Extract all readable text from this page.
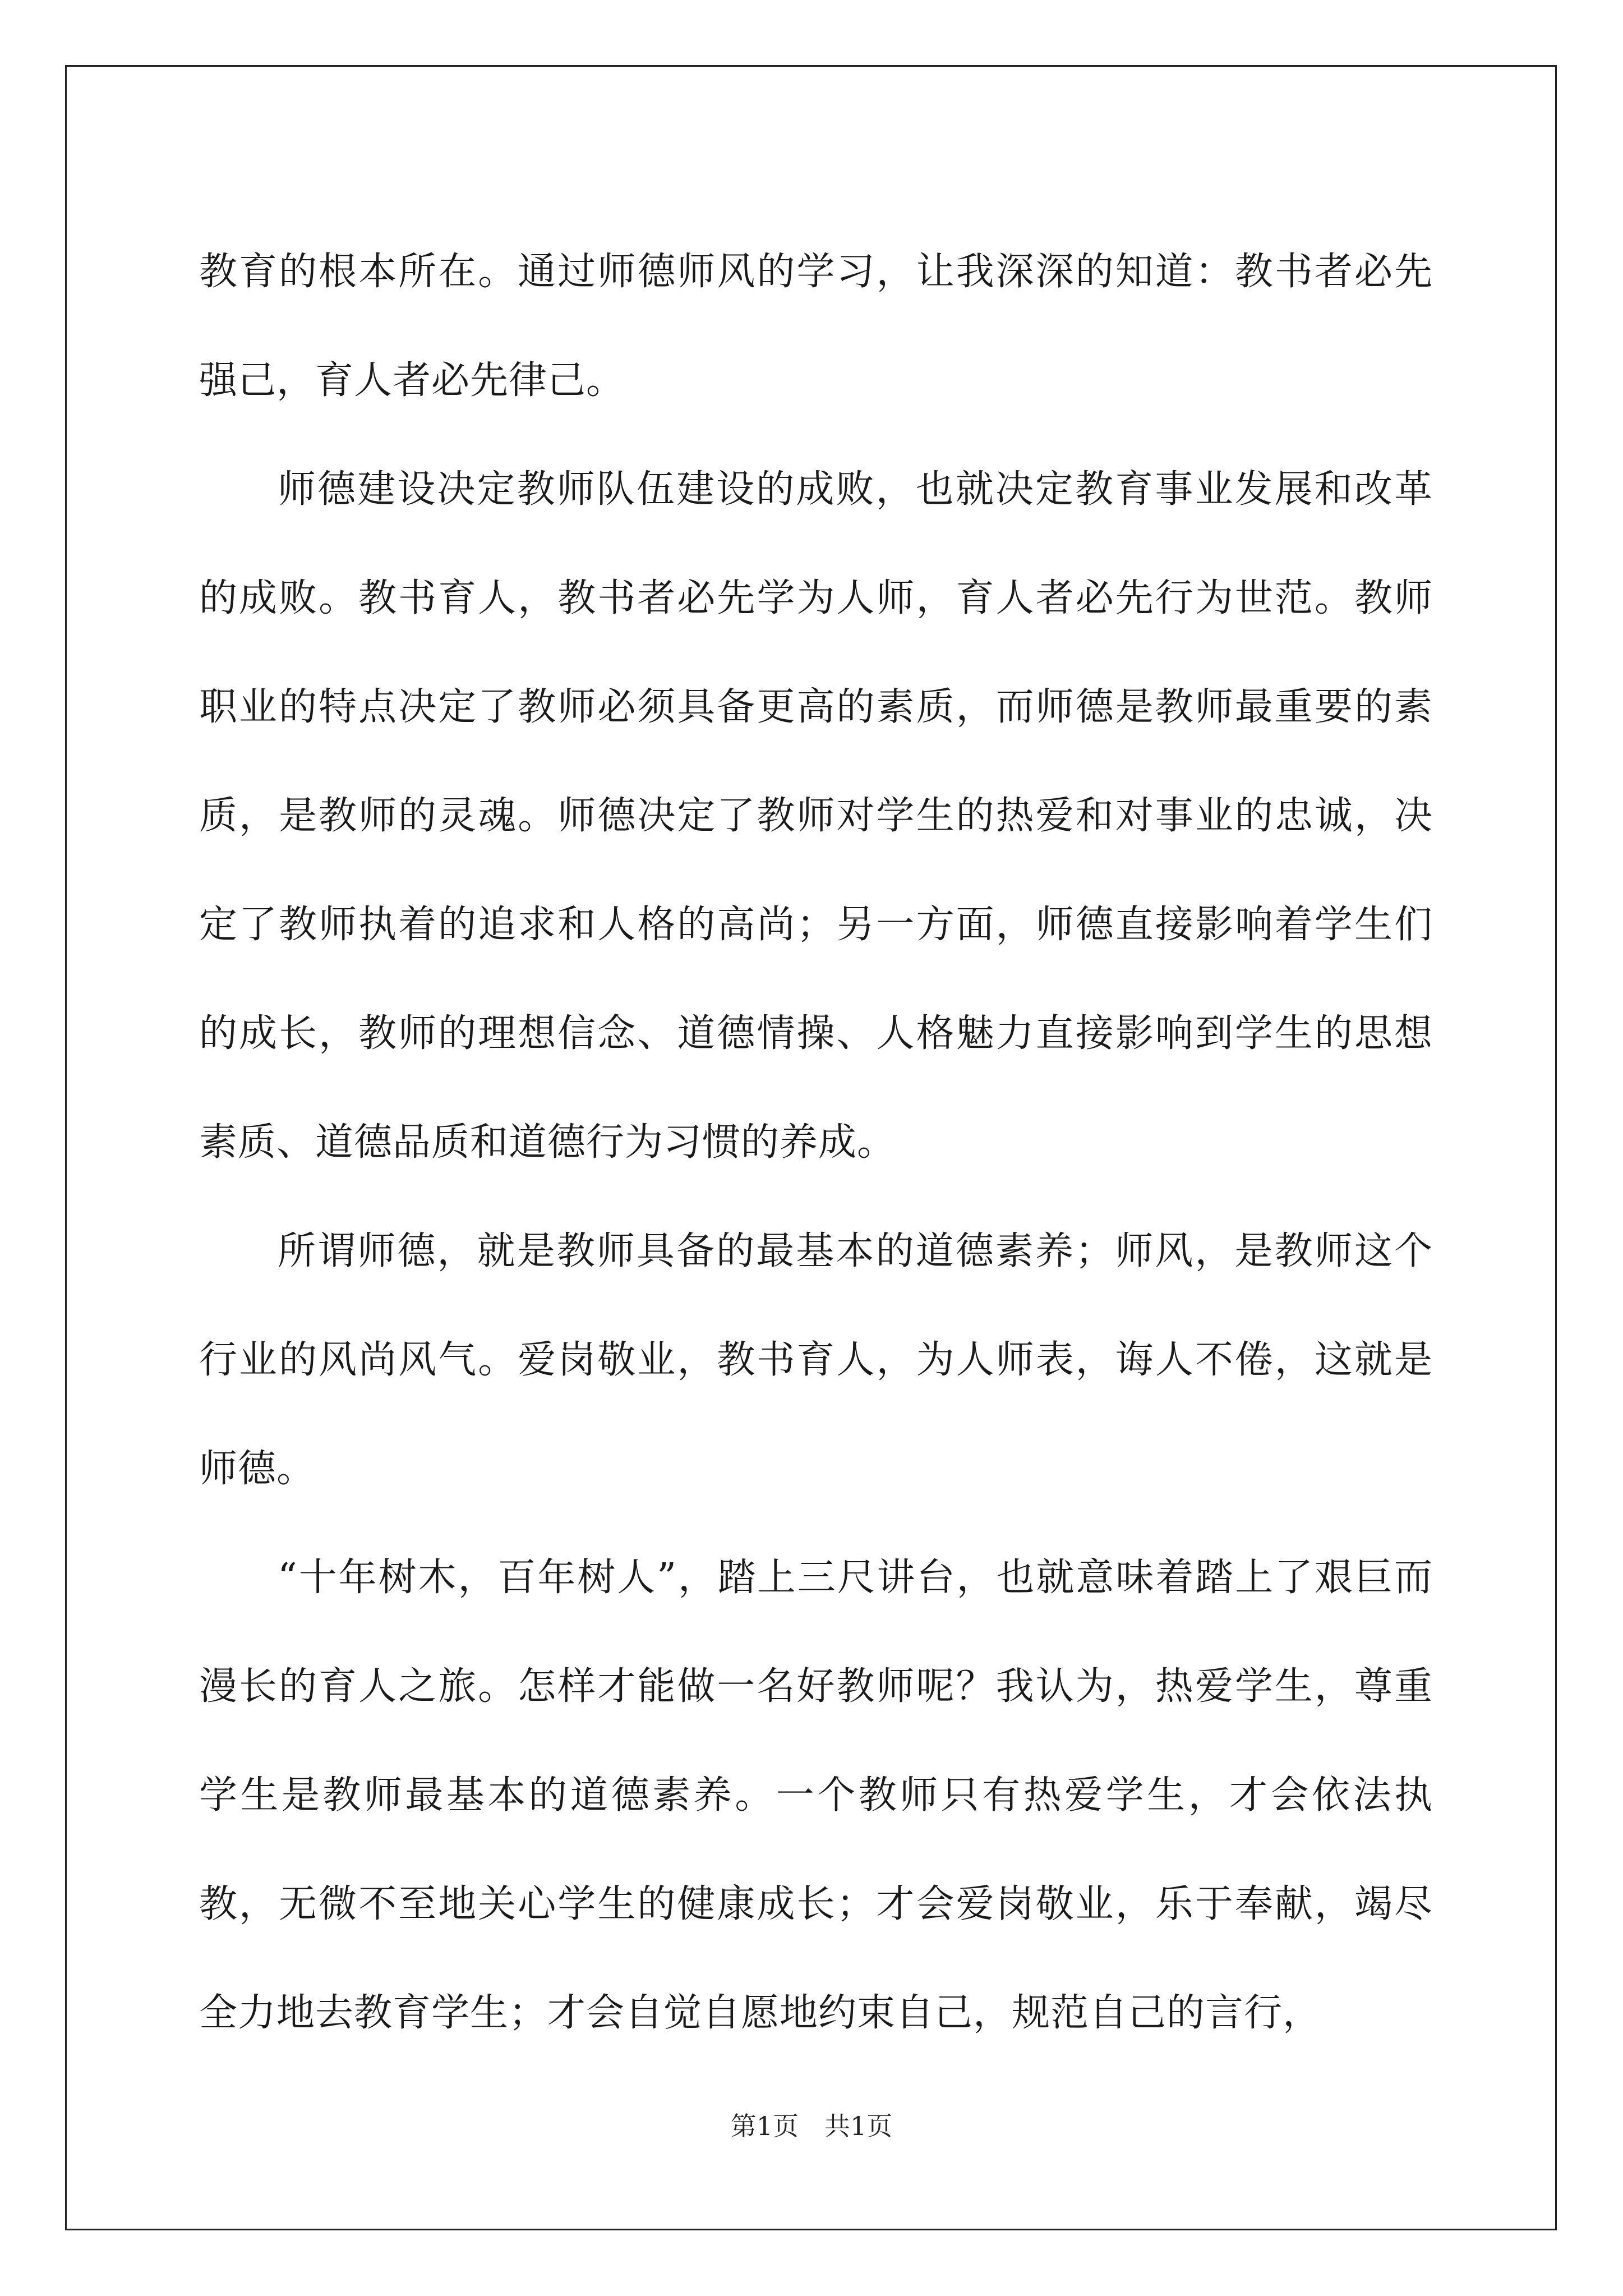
教育的根本所在。通过师德师风的学习，让我深深的知道：教书者必先强己，育人者必先律己。

师德建设决定教师队伍建设的成败，也就决定教育事业发展和改革的成败。教书育人，教书者必先学为人师，育人者必先行为世范。教师职业的特点决定了教师必须具备更高的素质，而师德是教师最重要的素质，是教师的灵魂。师德决定了教师对学生的热爱和对事业的忠诚，决定了教师执着的追求和人格的高尚；另一方面，师德直接影响着学生们的成长，教师的理想信念、道德情操、人格魅力直接影响到学生的思想素质、道德品质和道德行为习惯的养成。

所谓师德，就是教师具备的最基本的道德素养；师风，是教师这个行业的风尚风气。爱岗敬业，教书育人，为人师表，诲人不倦，这就是师德。

“十年树木，百年树人”，踏上三尺讲台，也就意味着踏上了艰巨而漫长的育人之旅。怎样才能做一名好教师呢？我认为，热爱学生，尊重学生是教师最基本的道德素养。一个教师只有热爱学生，才会依法执教，无微不至地关心学生的健康成长；才会爱岗敬业，乐于奉献，竭尽全力地去教育学生；才会自觉自愿地约束自己，规范自己的言行，

第1页　共1页
